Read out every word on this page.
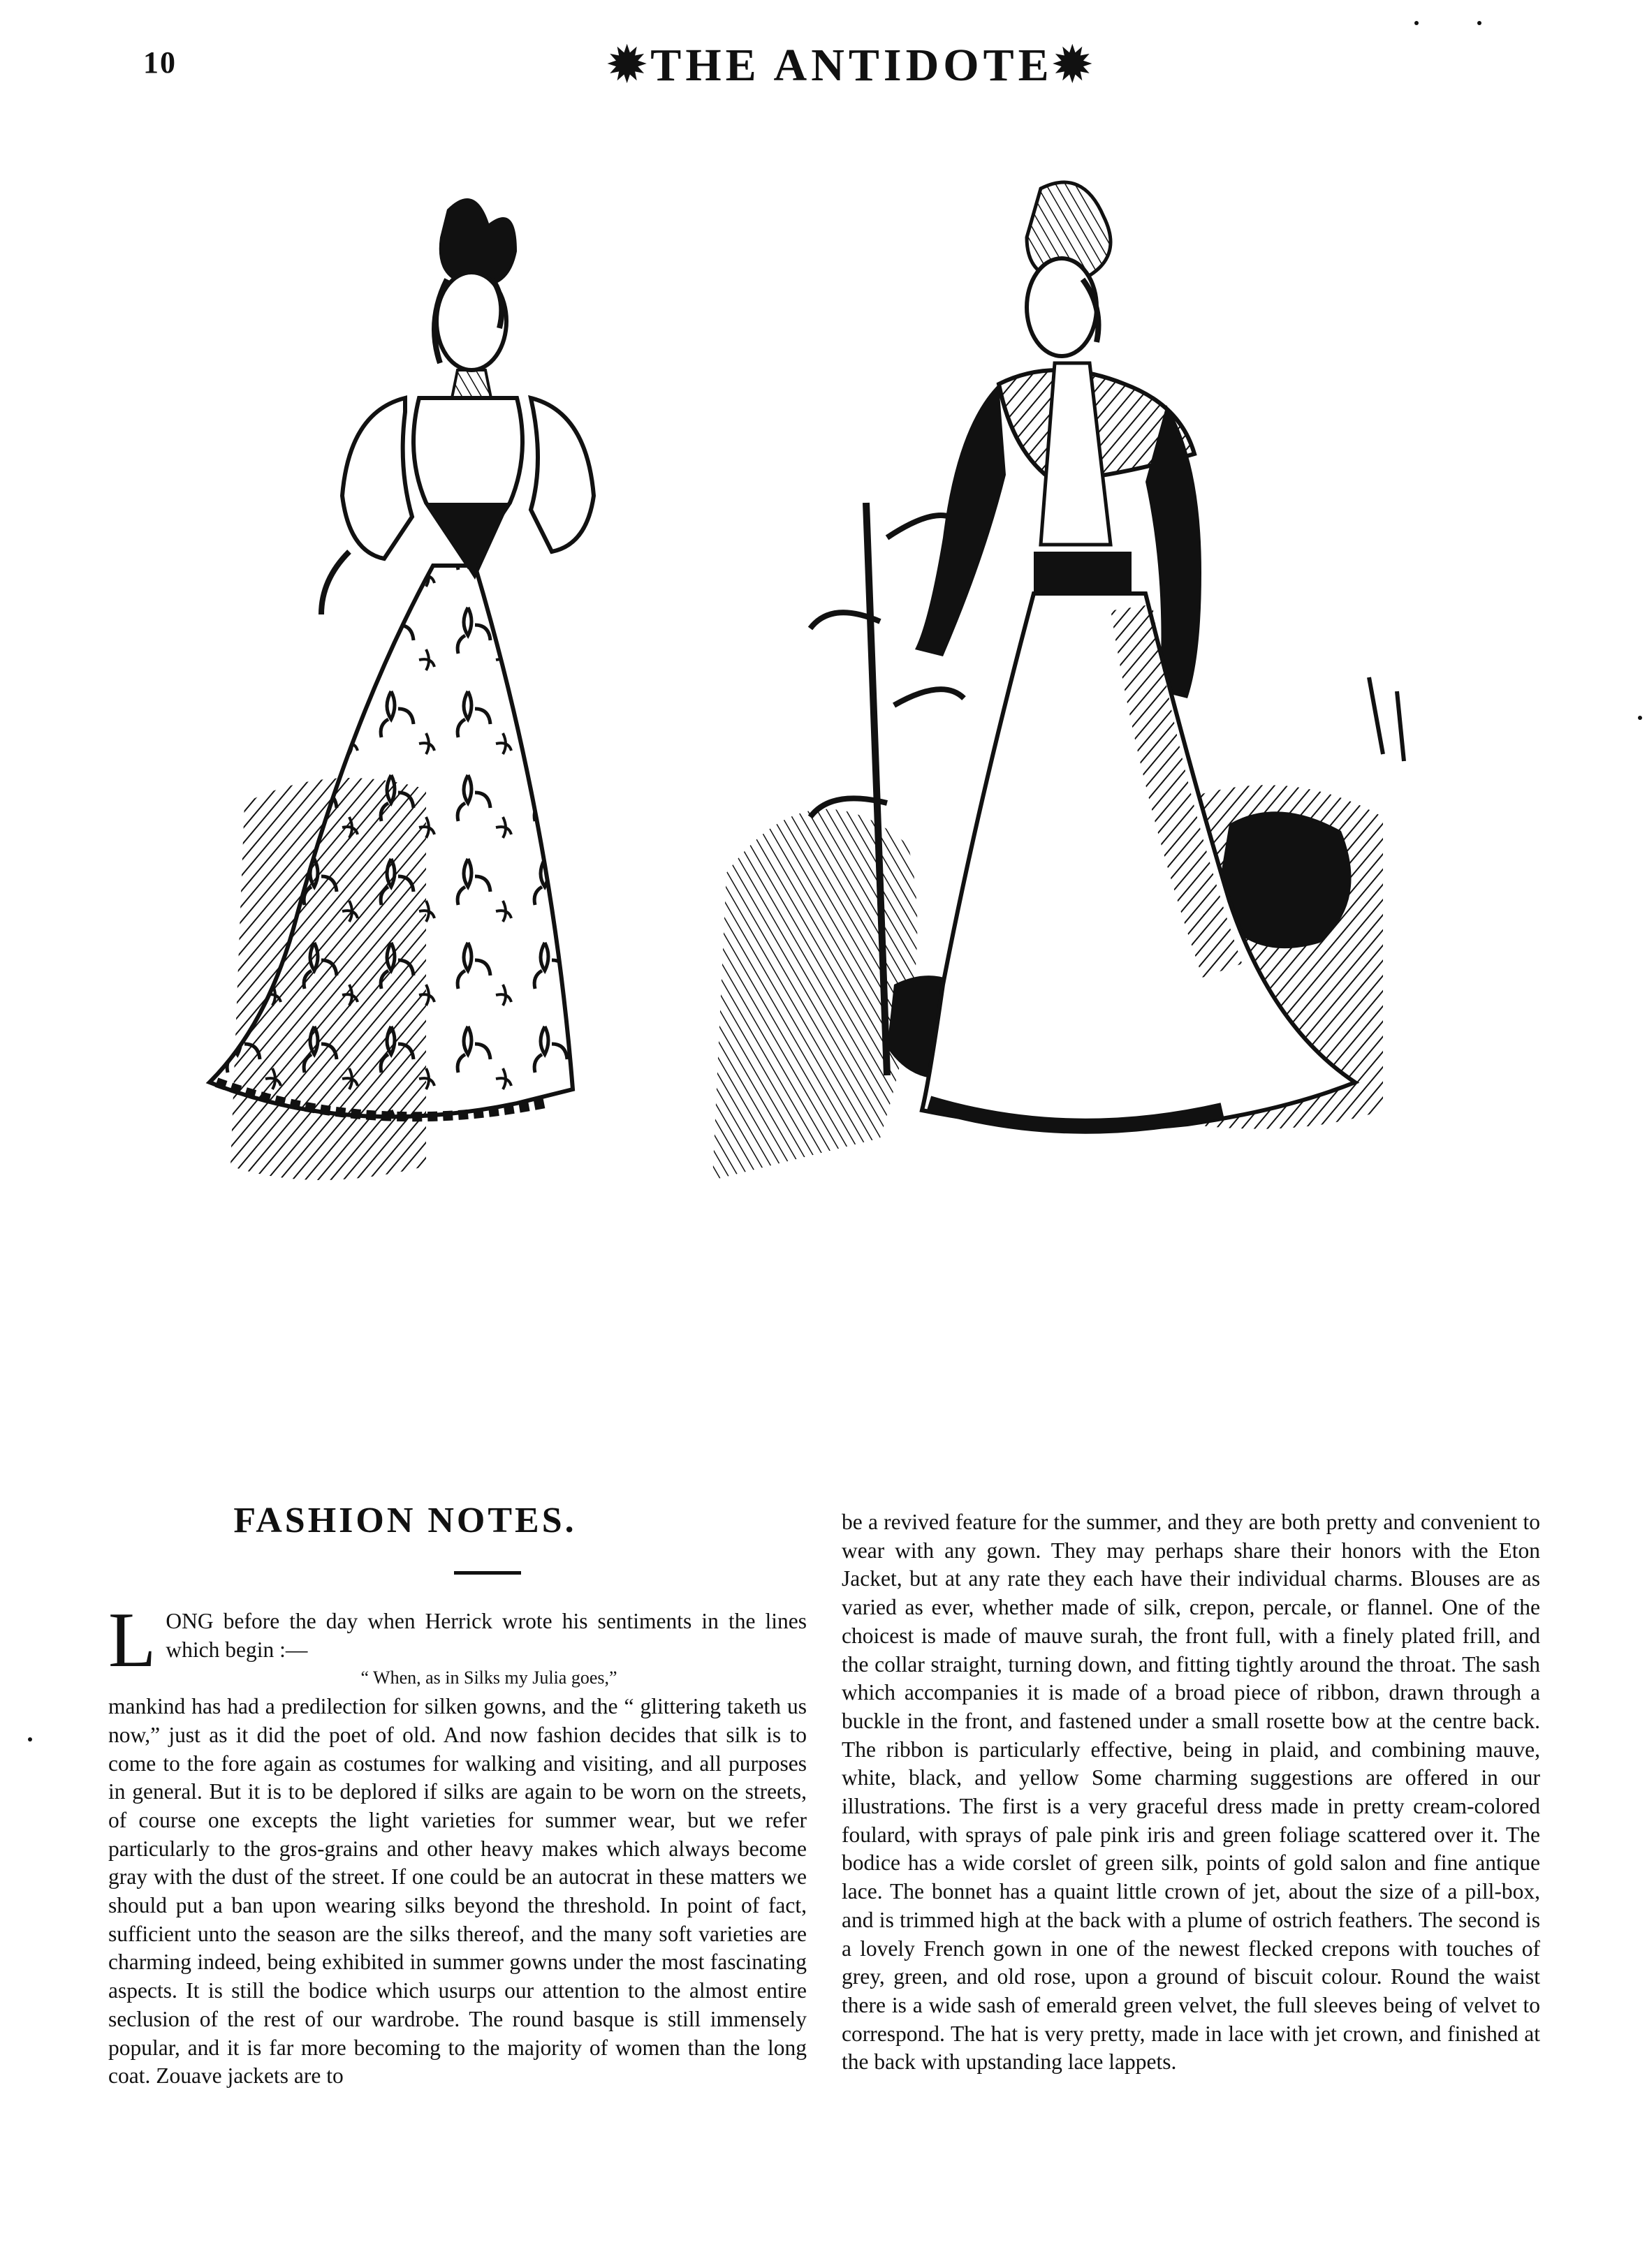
10	✹THE ANTIDOTE✹
FASHION NOTES.
L ONG before the day when Herrick wrote his sentiments in the lines which begin :—
“ When, as in Silks my Julia goes,”

mankind has had a predilection for silken gowns, and the “ glittering taketh us now,” just as it did the poet of old. And now fashion decides that silk is to come to the fore again as costumes for walking and visiting, and all purposes in general. But it is to be deplored if silks are again to be worn on the streets, of course one excepts the light varieties for summer wear, but we refer particularly to the gros-grains and other heavy makes which always become gray with the dust of the street. If one could be an autocrat in these matters we should put a ban upon wearing silks beyond the threshold. In point of fact, sufficient unto the season are the silks thereof, and the many soft varieties are charming indeed, being exhibited in summer gowns under the most fascinating aspects. It is still the bodice which usurps our attention to the almost entire seclusion of the rest of our wardrobe. The round basque is still immensely popular, and it is far more becoming to the majority of women than the long coat. Zouave jackets are to

be a revived feature for the summer, and they are both pretty and convenient to wear with any gown. They may perhaps share their honors with the Eton Jacket, but at any rate they each have their individual charms. Blouses are as varied as ever, whether made of silk, crepon, percale, or flannel. One of the choicest is made of mauve surah, the front full, with a finely plated frill, and the collar straight, turning down, and fitting tightly around the throat. The sash which accompanies it is made of a broad piece of ribbon, drawn through a buckle in the front, and fastened under a small rosette bow at the centre back. The ribbon is particularly effective, being in plaid, and combining mauve, white, black, and yellow Some charming suggestions are offered in our illustrations. The first is a very graceful dress made in pretty cream-colored foulard, with sprays of pale pink iris and green foliage scattered over it. The bodice has a wide corslet of green silk, points of gold salon and fine antique lace. The bonnet has a quaint little crown of jet, about the size of a pill-box, and is trimmed high at the back with a plume of ostrich feathers. The second is a lovely French gown in one of the newest flecked crepons with touches of grey, green, and old rose, upon a ground of biscuit colour. Round the waist there is a wide sash of emerald green velvet, the full sleeves being of velvet to correspond. The hat is very pretty, made in lace with jet crown, and finished at the back with upstanding lace lappets.
